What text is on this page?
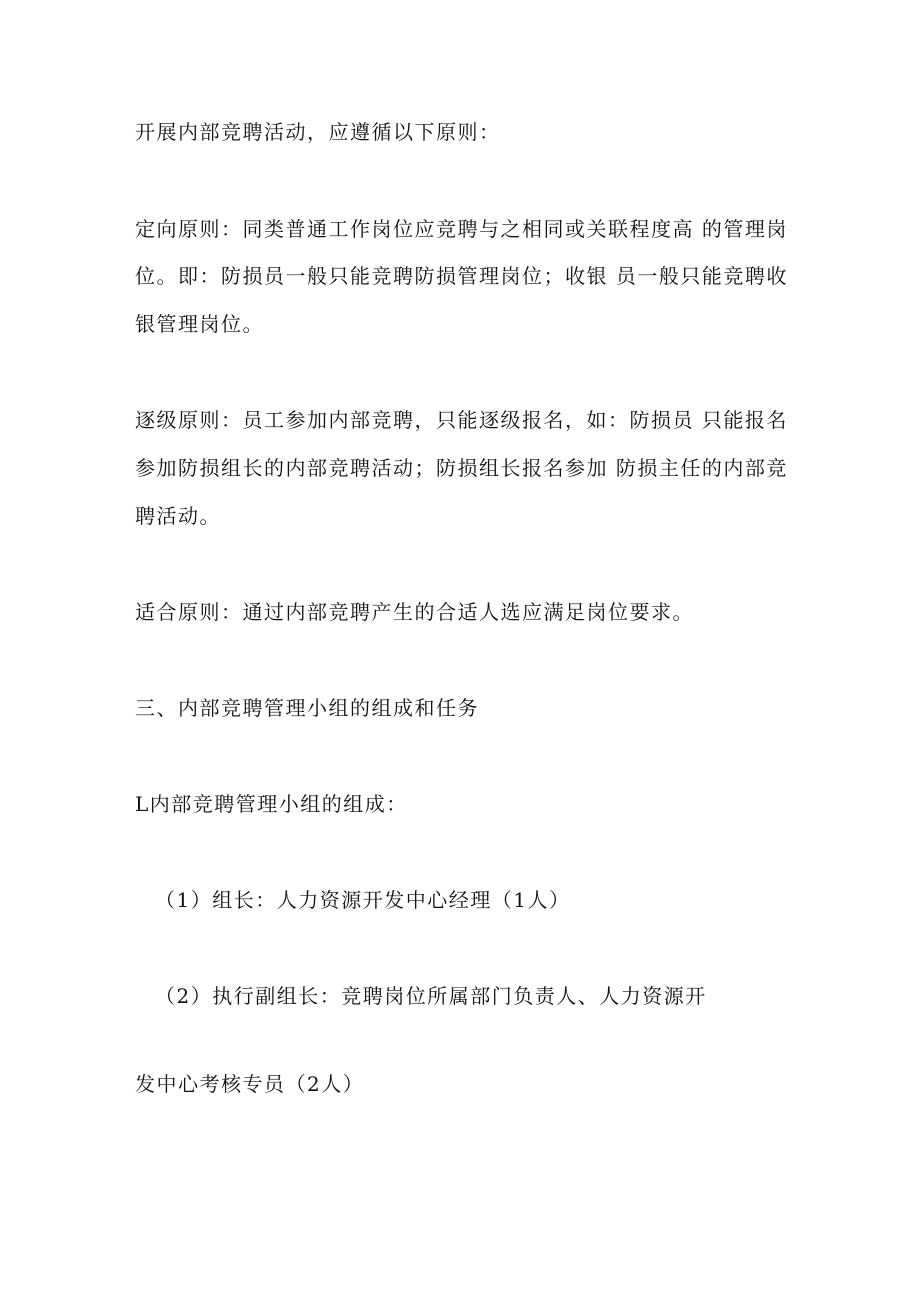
开展内部竞聘活动，应遵循以下原则：
定向原则：同类普通工作岗位应竞聘与之相同或关联程度高 的管理岗
位。即：防损员一般只能竞聘防损管理岗位；收银 员一般只能竞聘收
银管理岗位。
逐级原则：员工参加内部竞聘，只能逐级报名，如：防损员 只能报名
参加防损组长的内部竞聘活动；防损组长报名参加 防损主任的内部竞
聘活动。
适合原则：通过内部竞聘产生的合适人选应满足岗位要求。
三、内部竞聘管理小组的组成和任务
L内部竞聘管理小组的组成：
（1）组长：人力资源开发中心经理（1人）
（2）执行副组长：竞聘岗位所属部门负责人、人力资源开
发中心考核专员（2人）
